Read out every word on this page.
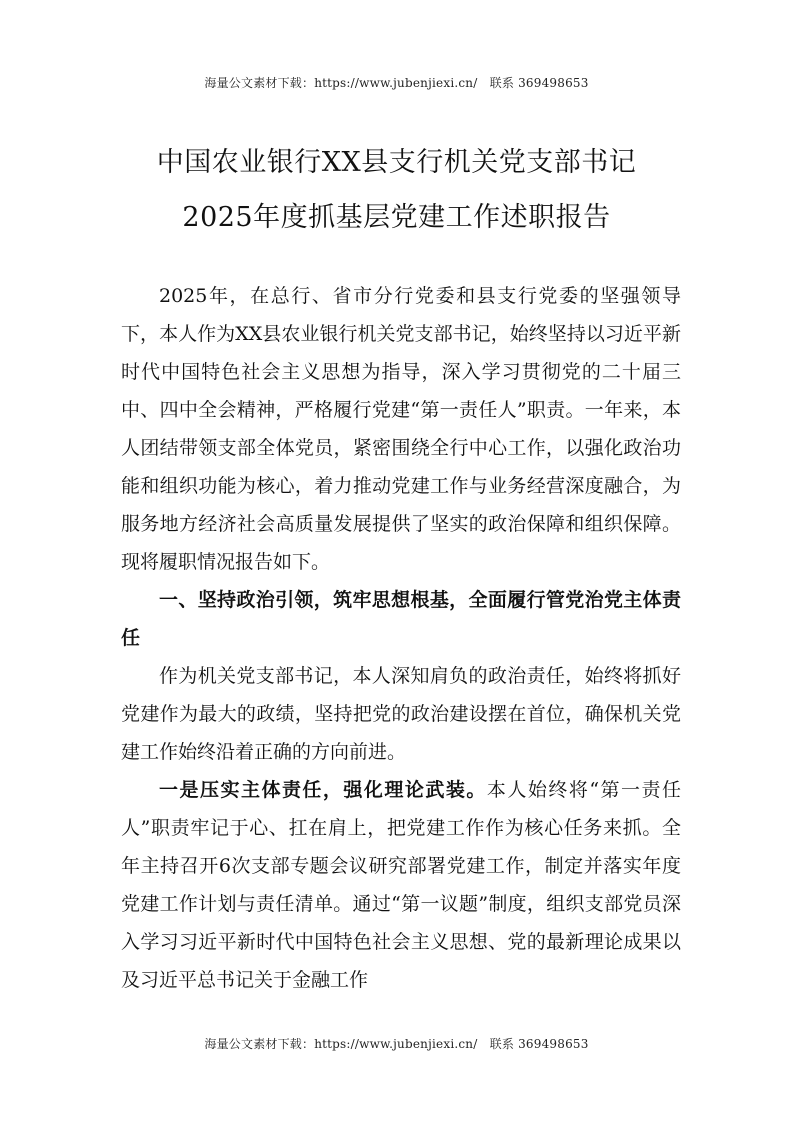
海量公文素材下载：https://www.jubenjiexi.cn/　联系 369498653
中国农业银行XX县支行机关党支部书记
2025年度抓基层党建工作述职报告

2025年，在总行、省市分行党委和县支行党委的坚强领导下，本人作为XX县农业银行机关党支部书记，始终坚持以习近平新时代中国特色社会主义思想为指导，深入学习贯彻党的二十届三中、四中全会精神，严格履行党建“第一责任人”职责。一年来，本人团结带领支部全体党员，紧密围绕全行中心工作，以强化政治功能和组织功能为核心，着力推动党建工作与业务经营深度融合，为服务地方经济社会高质量发展提供了坚实的政治保障和组织保障。现将履职情况报告如下。

一、坚持政治引领，筑牢思想根基，全面履行管党治党主体责任

作为机关党支部书记，本人深知肩负的政治责任，始终将抓好党建作为最大的政绩，坚持把党的政治建设摆在首位，确保机关党建工作始终沿着正确的方向前进。

一是压实主体责任，强化理论武装。本人始终将“第一责任人”职责牢记于心、扛在肩上，把党建工作作为核心任务来抓。全年主持召开6次支部专题会议研究部署党建工作，制定并落实年度党建工作计划与责任清单。通过“第一议题”制度，组织支部党员深入学习习近平新时代中国特色社会主义思想、党的最新理论成果以及习近平总书记关于金融工作

海量公文素材下载：https://www.jubenjiexi.cn/　联系 369498653
